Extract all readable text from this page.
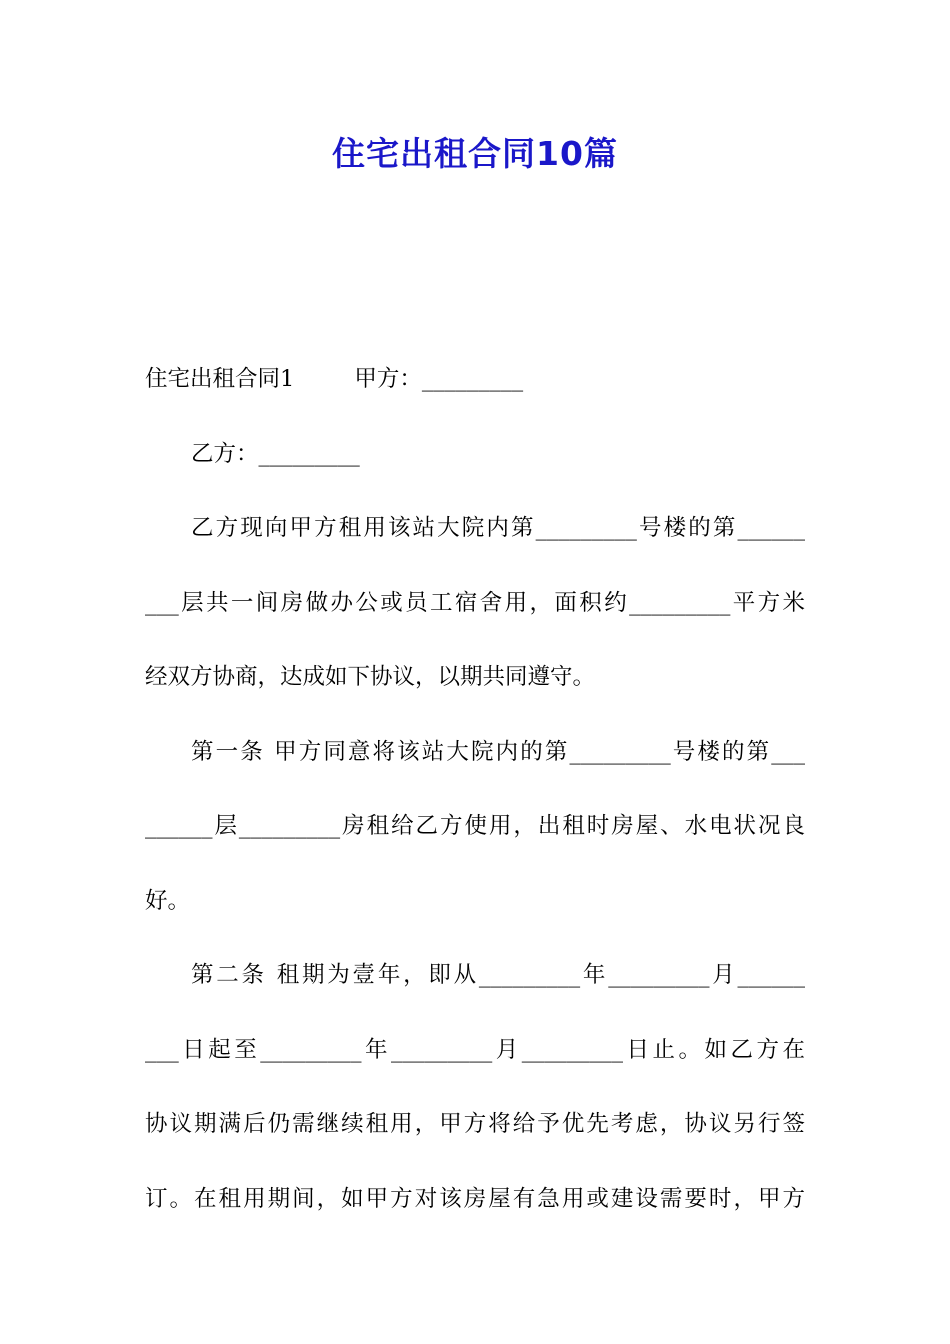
住宅出租合同10篇
住宅出租合同1	甲方：_________
乙方：_________
乙方现向甲方租用该站大院内第_________号楼的第______
___层共一间房做办公或员工宿舍用，面积约_________平方米
经双方协商，达成如下协议，以期共同遵守。
第一条 甲方同意将该站大院内的第_________号楼的第___
______层_________房租给乙方使用，出租时房屋、水电状况良
好。
第二条 租期为壹年，即从_________年_________月______
___日起至_________年_________月_________日止。如乙方在
协议期满后仍需继续租用，甲方将给予优先考虑，协议另行签
订。在租用期间，如甲方对该房屋有急用或建设需要时，甲方
